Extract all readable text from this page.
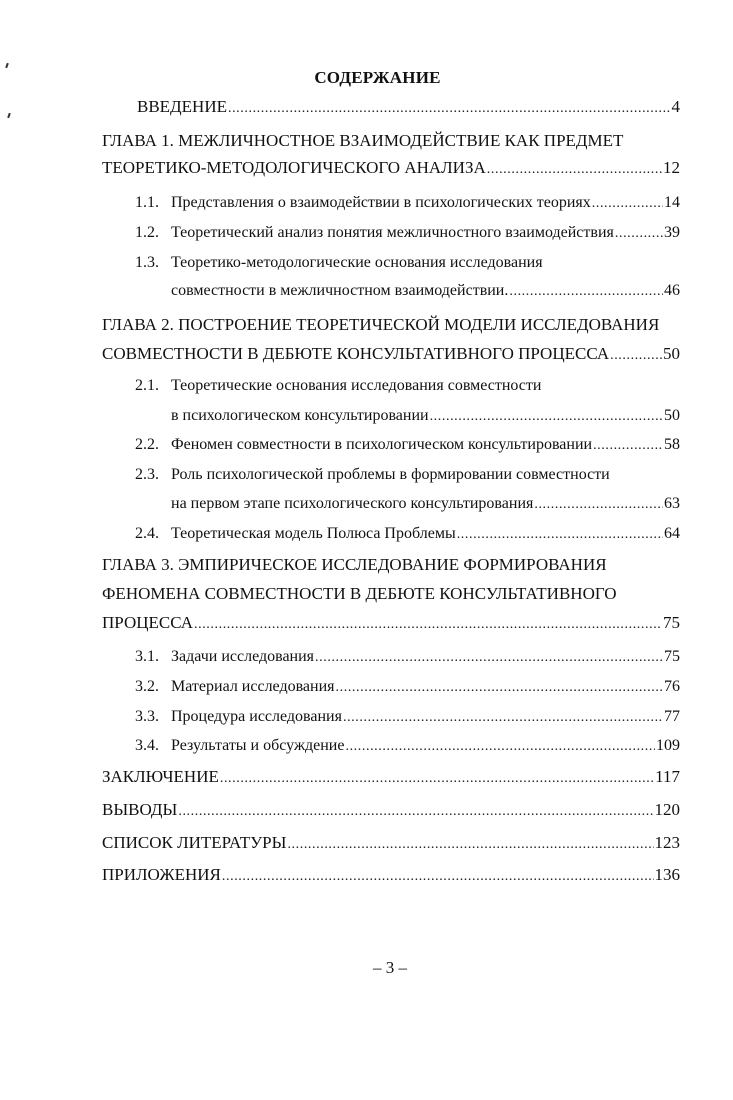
СОДЕРЖАНИЕ
ВВЕДЕНИЕ .....	4
ГЛАВА 1. МЕЖЛИЧНОСТНОЕ ВЗАИМОДЕЙСТВИЕ КАК ПРЕДМЕТ
ТЕОРЕТИКО-МЕТОДОЛОГИЧЕСКОГО АНАЛИЗА .....	12
1.1. Представления о взаимодействии в психологических теориях .....	14
1.2. Теоретический анализ понятия межличностного взаимодействия .....	39
1.3. Теоретико-методологические основания исследования
совместности в межличностном взаимодействии. .....	46
ГЛАВА 2. ПОСТРОЕНИЕ ТЕОРЕТИЧЕСКОЙ МОДЕЛИ ИССЛЕДОВАНИЯ
СОВМЕСТНОСТИ В ДЕБЮТЕ КОНСУЛЬТАТИВНОГО ПРОЦЕССА .....	50
2.1. Теоретические основания исследования совместности
в психологическом консультировании .....	50
2.2. Феномен совместности в психологическом консультировании .....	58
2.3. Роль психологической проблемы в формировании совместности
на первом этапе психологического консультирования .....	63
2.4. Теоретическая модель Полюса Проблемы .....	64
ГЛАВА 3. ЭМПИРИЧЕСКОЕ ИССЛЕДОВАНИЕ ФОРМИРОВАНИЯ
ФЕНОМЕНА СОВМЕСТНОСТИ В ДЕБЮТЕ КОНСУЛЬТАТИВНОГО
ПРОЦЕССА .....	75
3.1. Задачи исследования .....	75
3.2. Материал исследования .....	76
3.3. Процедура исследования .....	77
3.4. Результаты и обсуждение .....	109
ЗАКЛЮЧЕНИЕ .....	117
ВЫВОДЫ .....	120
СПИСОК ЛИТЕРАТУРЫ .....	123
ПРИЛОЖЕНИЯ .....	136
– 3 –
